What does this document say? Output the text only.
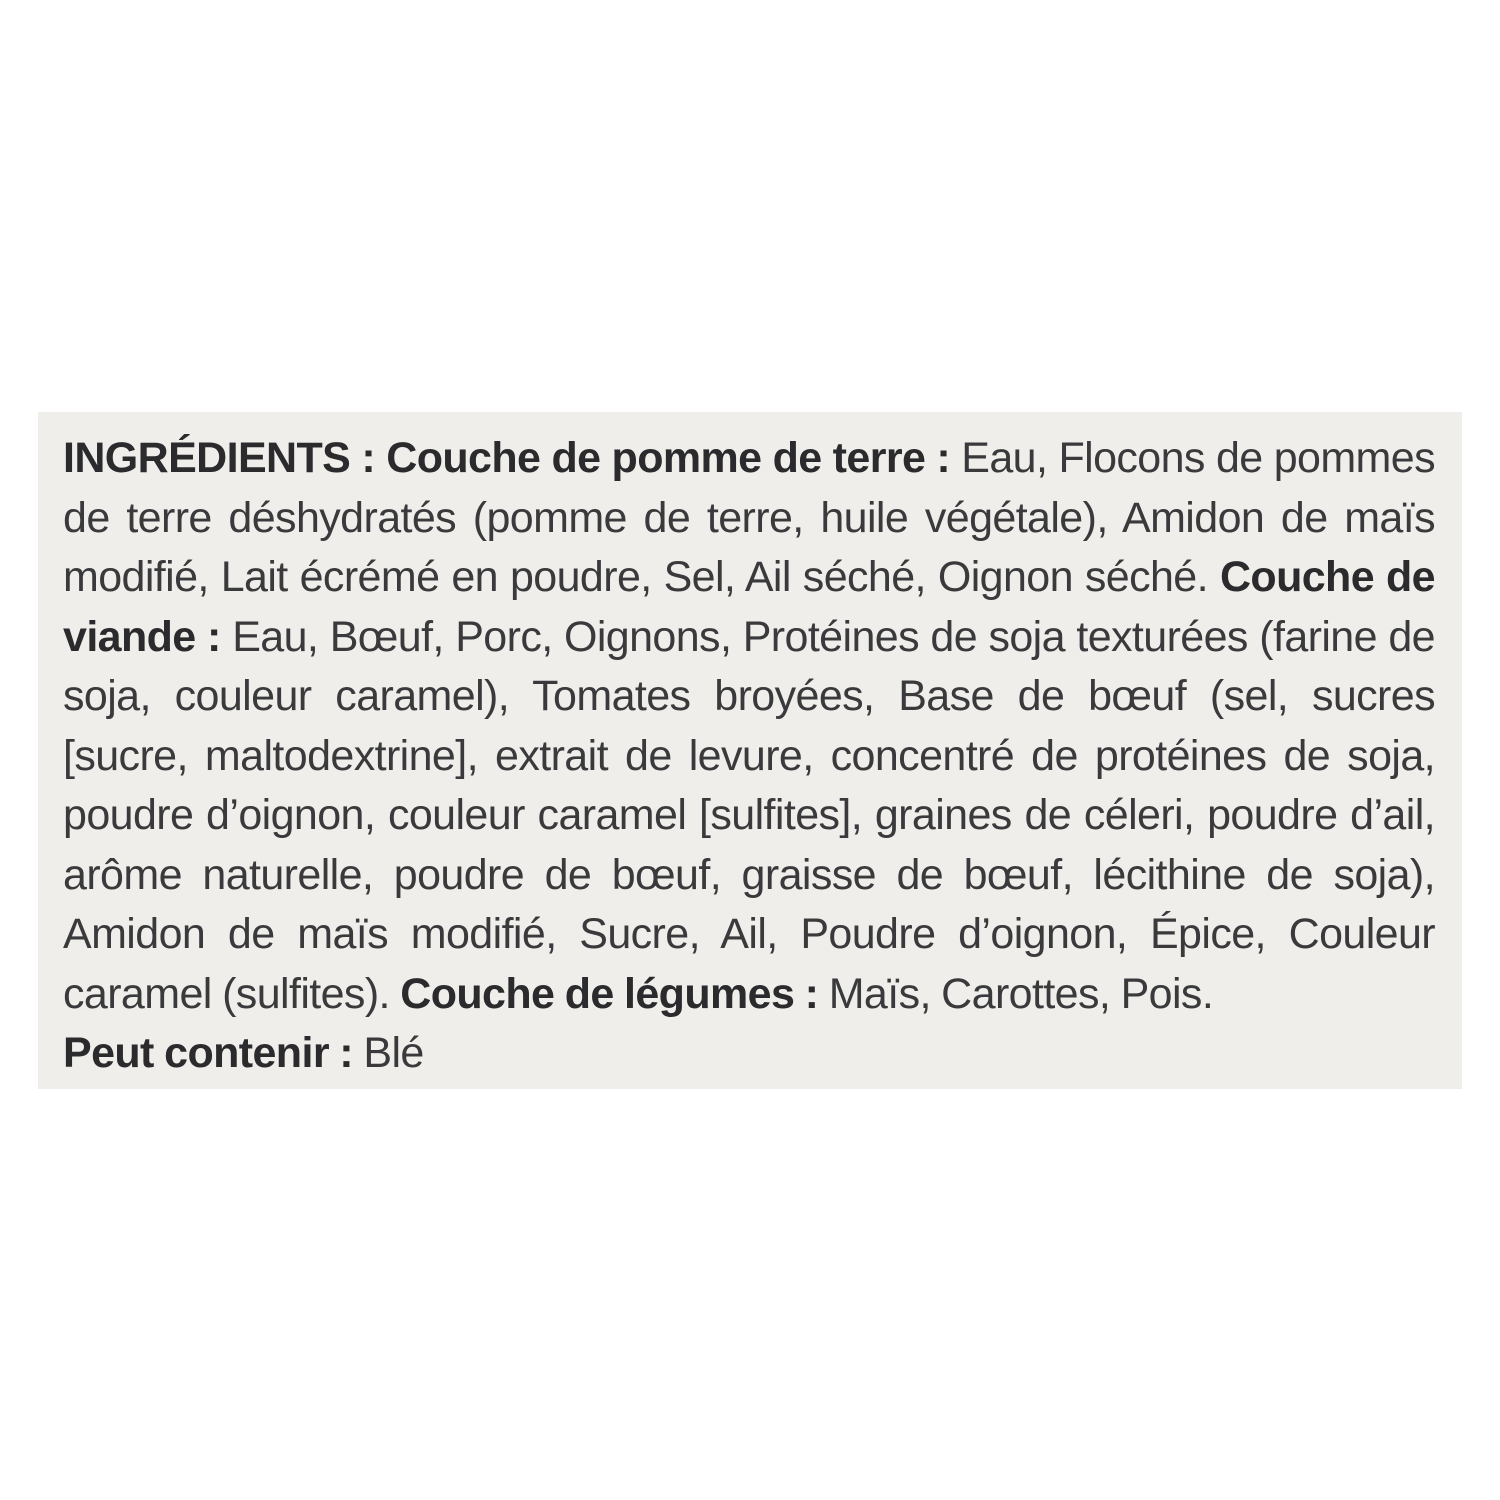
INGRÉDIENTS : Couche de pomme de terre : Eau, Flocons de pommes de terre déshydratés (pomme de terre, huile végétale), Amidon de maïs modifié, Lait écrémé en poudre, Sel, Ail séché, Oignon séché. Couche de viande : Eau, Bœuf, Porc, Oignons, Protéines de soja texturées (farine de soja, couleur caramel), Tomates broyées, Base de bœuf (sel, sucres [sucre, maltodextrine], extrait de levure, concentré de protéines de soja, poudre d’oignon, couleur caramel [sulfites], graines de céleri, poudre d’ail, arôme naturelle, poudre de bœuf, graisse de bœuf, lécithine de soja), Amidon de maïs modifié, Sucre, Ail, Poudre d’oignon, Épice, Couleur caramel (sulfites). Couche de légumes : Maïs, Carottes, Pois.
Peut contenir : Blé
